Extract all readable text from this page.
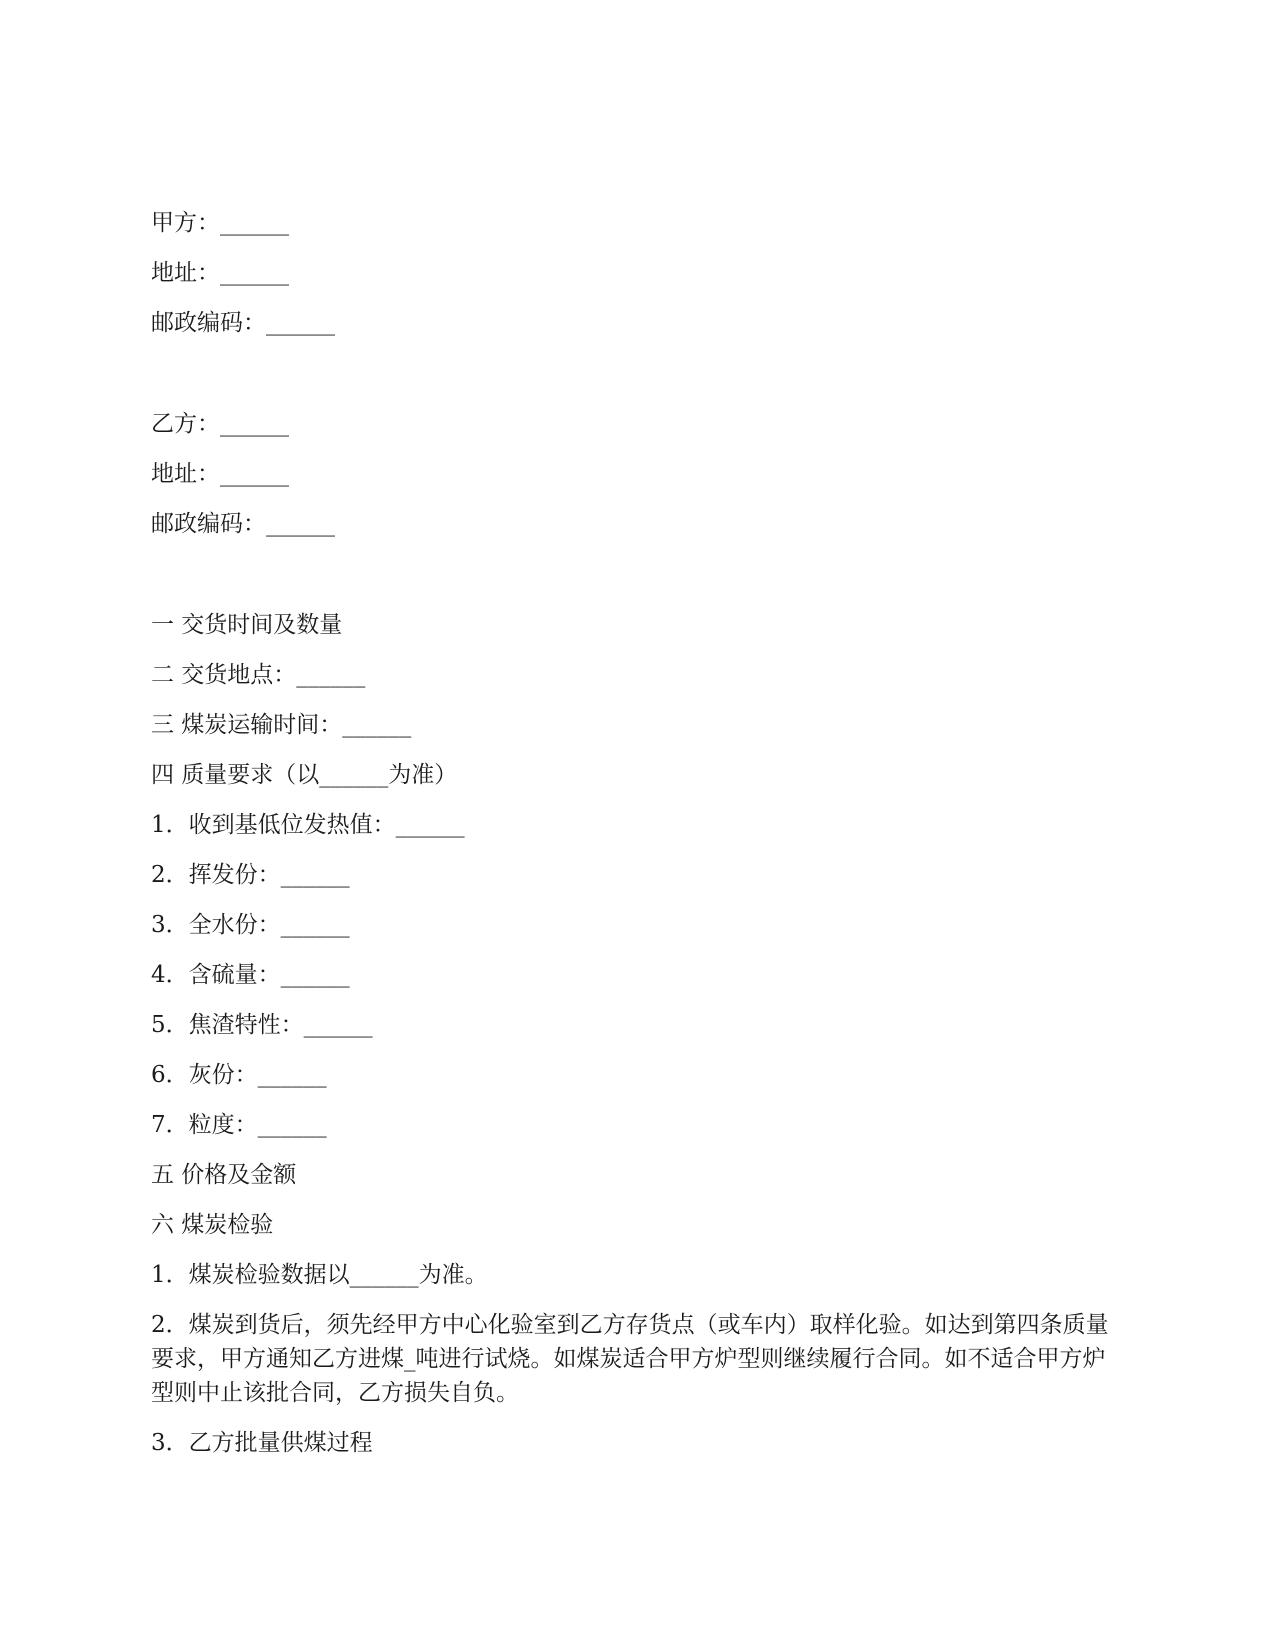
甲方：______
地址：______
邮政编码：______
乙方：______
地址：______
邮政编码：______
一 交货时间及数量
二 交货地点：______
三 煤炭运输时间：______
四 质量要求（以______为准）
1．收到基低位发热值：______
2．挥发份：______
3．全水份：______
4．含硫量：______
5．焦渣特性：______
6．灰份：______
7．粒度：______
五 价格及金额
六 煤炭检验
1．煤炭检验数据以______为准。
2．煤炭到货后，须先经甲方中心化验室到乙方存货点（或车内）取样化验。如达到第四条质量要求，甲方通知乙方进煤_吨进行试烧。如煤炭适合甲方炉型则继续履行合同。如不适合甲方炉型则中止该批合同，乙方损失自负。
3．乙方批量供煤过程
